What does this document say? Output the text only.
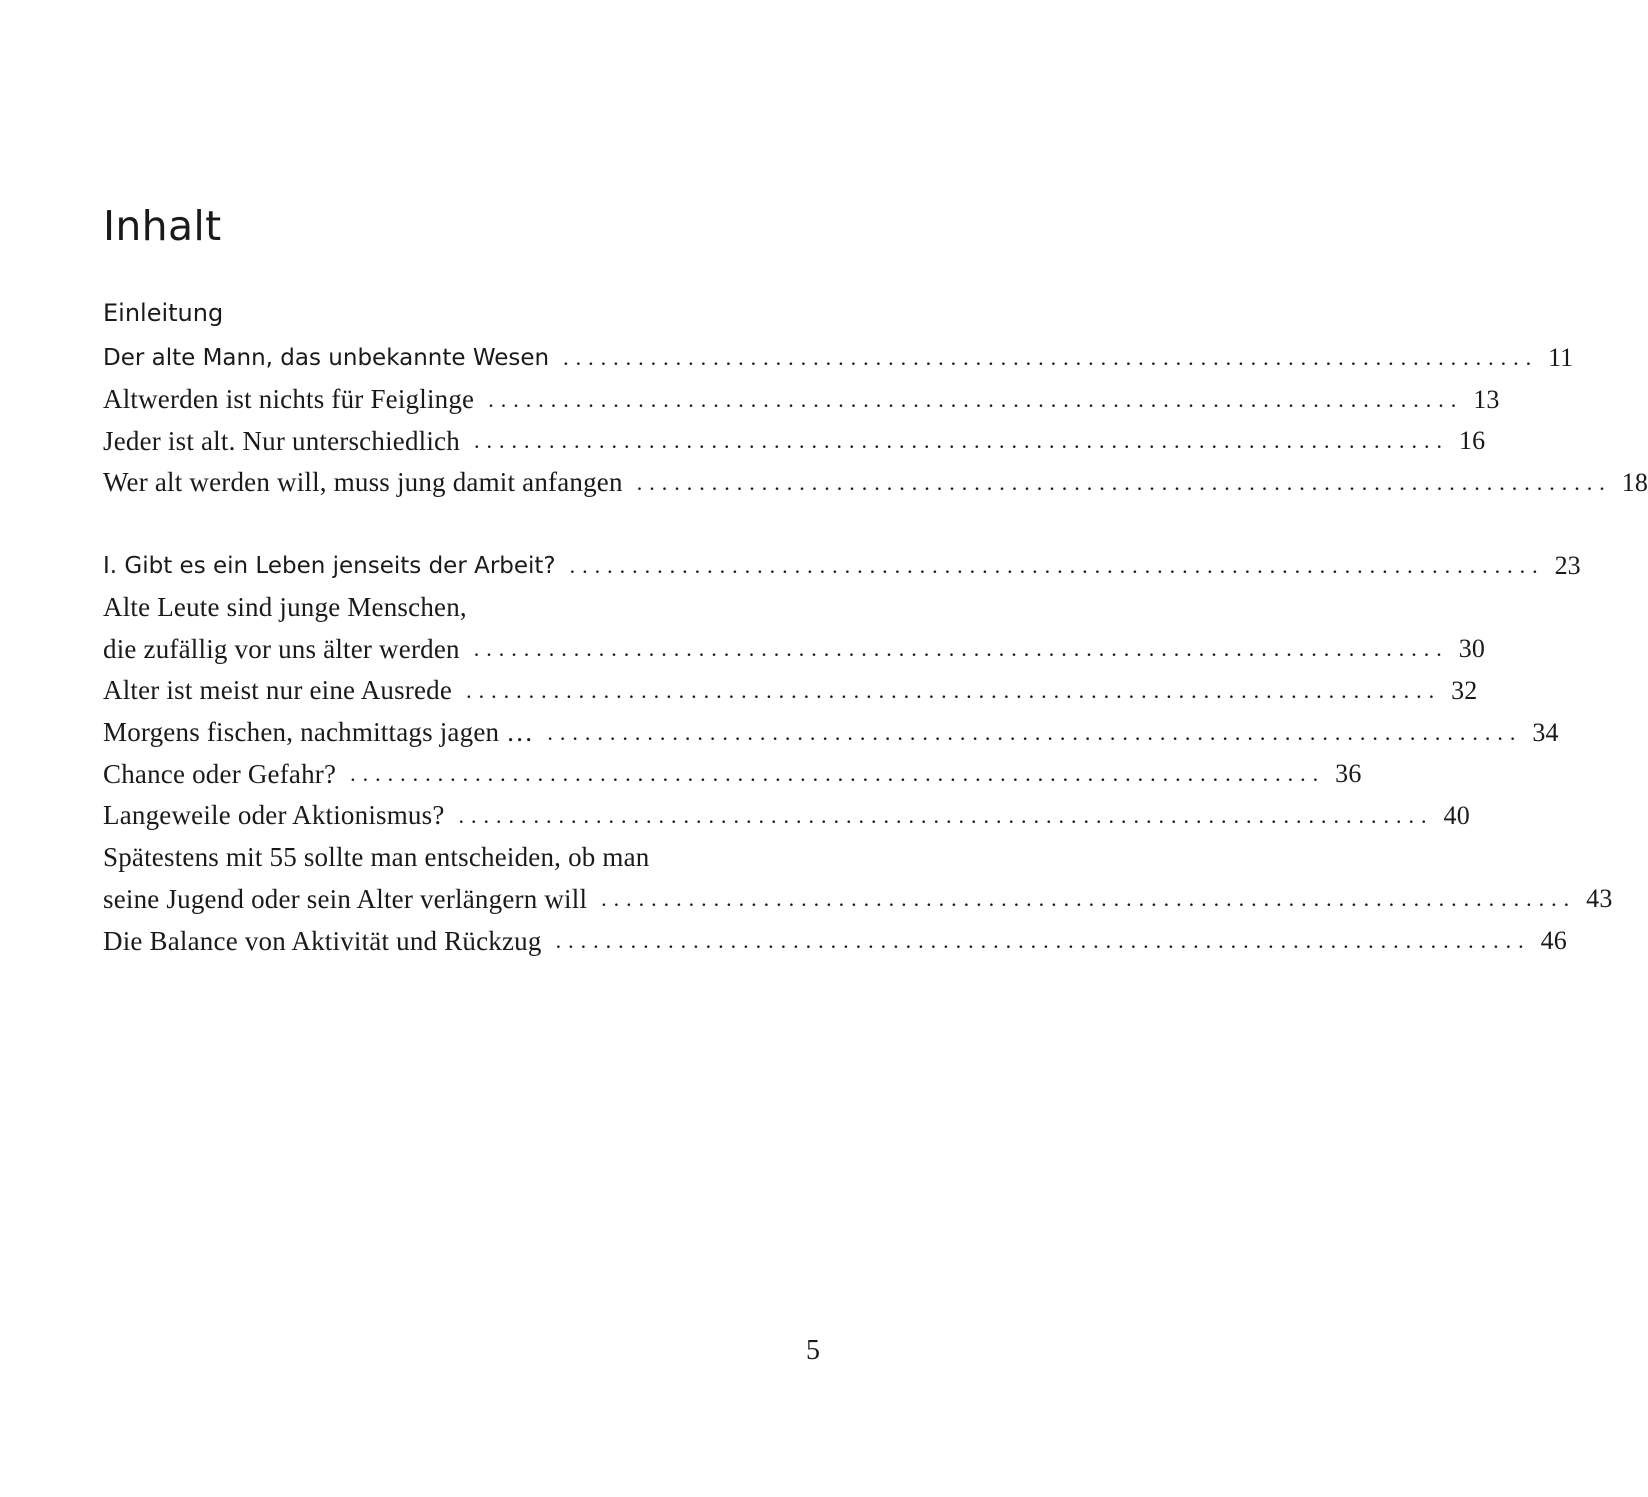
Inhalt
Einleitung
Der alte Mann, das unbekannte Wesen .............................................................................. 11
Altwerden ist nichts für Feiglinge .............................................................................. 13
Jeder ist alt. Nur unterschiedlich .............................................................................. 16
Wer alt werden will, muss jung damit anfangen .............................................................................. 18
I. Gibt es ein Leben jenseits der Arbeit? .............................................................................. 23
Alte Leute sind junge Menschen,
die zufällig vor uns älter werden .............................................................................. 30
Alter ist meist nur eine Ausrede .............................................................................. 32
Morgens fischen, nachmittags jagen … .............................................................................. 34
Chance oder Gefahr? .............................................................................. 36
Langeweile oder Aktionismus? .............................................................................. 40
Spätestens mit 55 sollte man entscheiden, ob man
seine Jugend oder sein Alter verlängern will .............................................................................. 43
Die Balance von Aktivität und Rückzug .............................................................................. 46
5
